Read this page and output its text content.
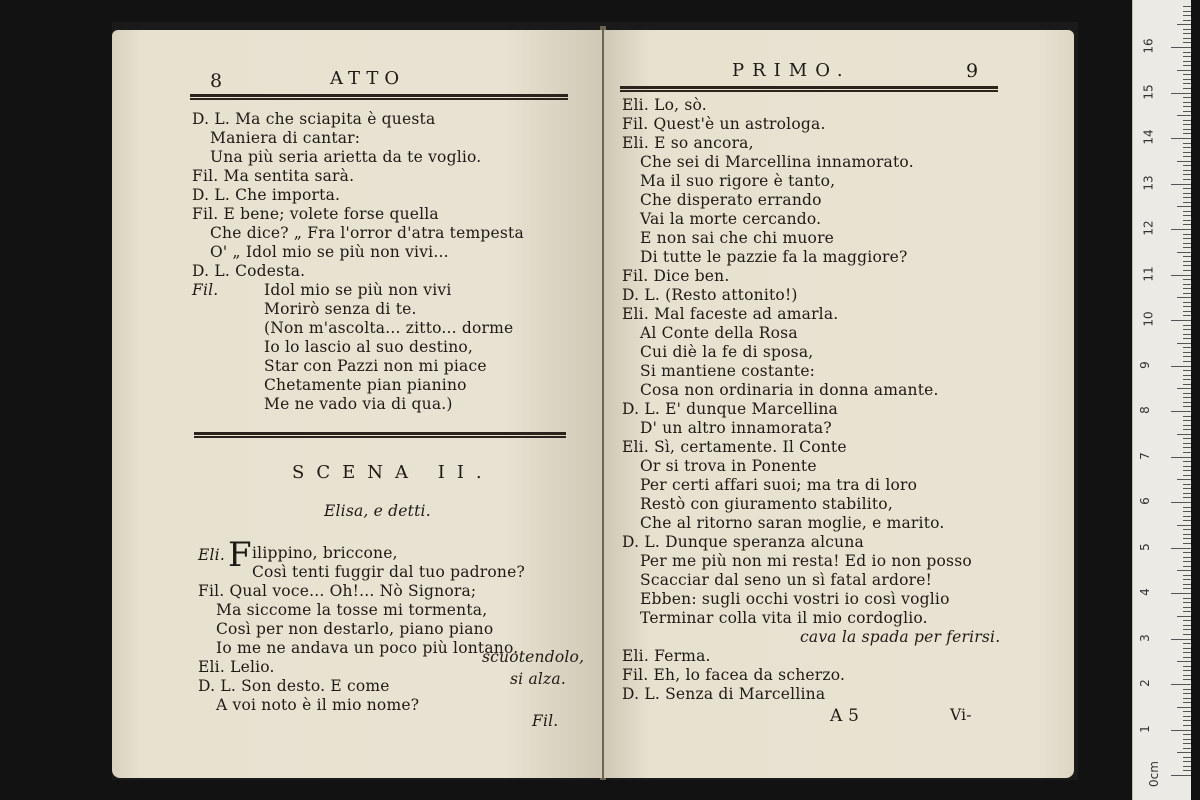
8	ATTO
D. L. Ma che sciapita è questa
Maniera di cantar:
Una più seria arietta da te voglio.
Fil. Ma sentita sarà.
D. L. Che importa.
Fil. E bene; volete forse quella
Che dice? „ Fra l'orror d'atra tempesta
O' „ Idol mio se più non vivi...
D. L. Codesta.
Fil.	Idol mio se più non vivi
Morirò senza di te.
(Non m'ascolta... zitto... dorme
Io lo lascio al suo destino,
Star con Pazzi non mi piace
Chetamente pian pianino
Me ne vado via di qua.)
SCENA II.
Elisa, e detti.
Eli. F ilippino, briccone,
Così tenti fuggir dal tuo padrone?
Fil. Qual voce... Oh!... Nò Signora;
Ma siccome la tosse mi tormenta,
Così per non destarlo, piano piano
Io me ne andava un poco più lontano.
Eli. Lelio.
scuotendolo,
D. L. Son desto. E come	si alza.
A voi noto è il mio nome?
Fil.
PRIMO.	9
Eli. Lo, sò.
Fil. Quest'è un astrologa.
Eli. E so ancora,
Che sei di Marcellina innamorato.
Ma il suo rigore è tanto,
Che disperato errando
Vai la morte cercando.
E non sai che chi muore
Di tutte le pazzie fa la maggiore?
Fil. Dice ben.
D. L. (Resto attonito!)
Eli. Mal faceste ad amarla.
Al Conte della Rosa
Cui diè la fe di sposa,
Si mantiene costante:
Cosa non ordinaria in donna amante.
D. L. E' dunque Marcellina
D' un altro innamorata?
Eli. Sì, certamente. Il Conte
Or si trova in Ponente
Per certi affari suoi; ma tra di loro
Restò con giuramento stabilito,
Che al ritorno saran moglie, e marito.
D. L. Dunque speranza alcuna
Per me più non mi resta! Ed io non posso
Scacciar dal seno un sì fatal ardore!
Ebben: sugli occhi vostri io così voglio
Terminar colla vita il mio cordoglio.
cava la spada per ferirsi.
Eli. Ferma.
Fil. Eh, lo facea da scherzo.
D. L. Senza di Marcellina
A 5	Vi-
0cm
1
2
3
4
5
6
7
8
9
10
11
12
13
14
15
16
